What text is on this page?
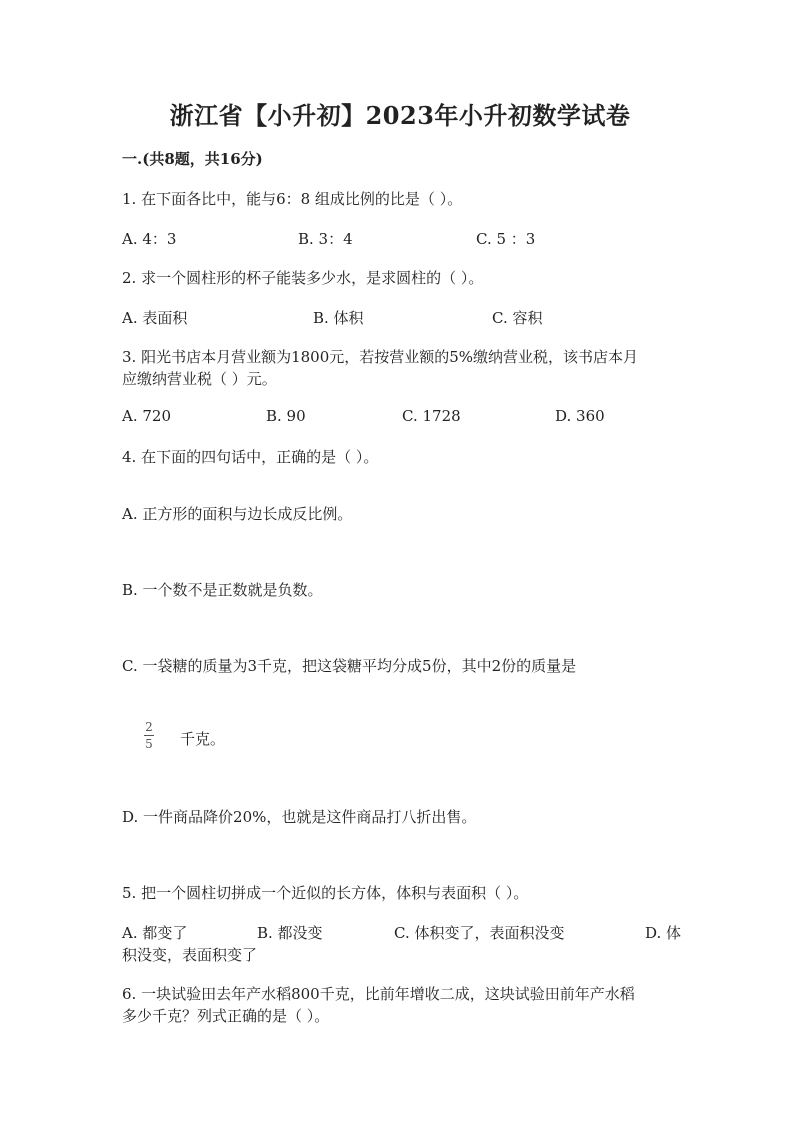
浙江省【小升初】2023年小升初数学试卷
一.(共8题，共16分)
1. 在下面各比中，能与6：8 组成比例的比是（ ）。
A. 4：3	B. 3：4	C. 5 ：3
2. 求一个圆柱形的杯子能装多少水，是求圆柱的（ ）。
A. 表面积	B. 体积	C. 容积
3. 阳光书店本月营业额为1800元，若按营业额的5%缴纳营业税，该书店本月
应缴纳营业税（ ）元。
A. 720	B. 90	C. 1728	D. 360
4. 在下面的四句话中，正确的是（ ）。
A. 正方形的面积与边长成反比例。
B. 一个数不是正数就是负数。
C. 一袋糖的质量为3千克，把这袋糖平均分成5份，其中2份的质量是
$\frac{2}{5}$ 千克。
D. 一件商品降价20%，也就是这件商品打八折出售。
5. 把一个圆柱切拼成一个近似的长方体，体积与表面积（ ）。
A. 都变了	B. 都没变	C. 体积变了，表面积没变	D. 体
积没变，表面积变了
6. 一块试验田去年产水稻800千克，比前年增收二成，这块试验田前年产水稻
多少千克？列式正确的是（ ）。
